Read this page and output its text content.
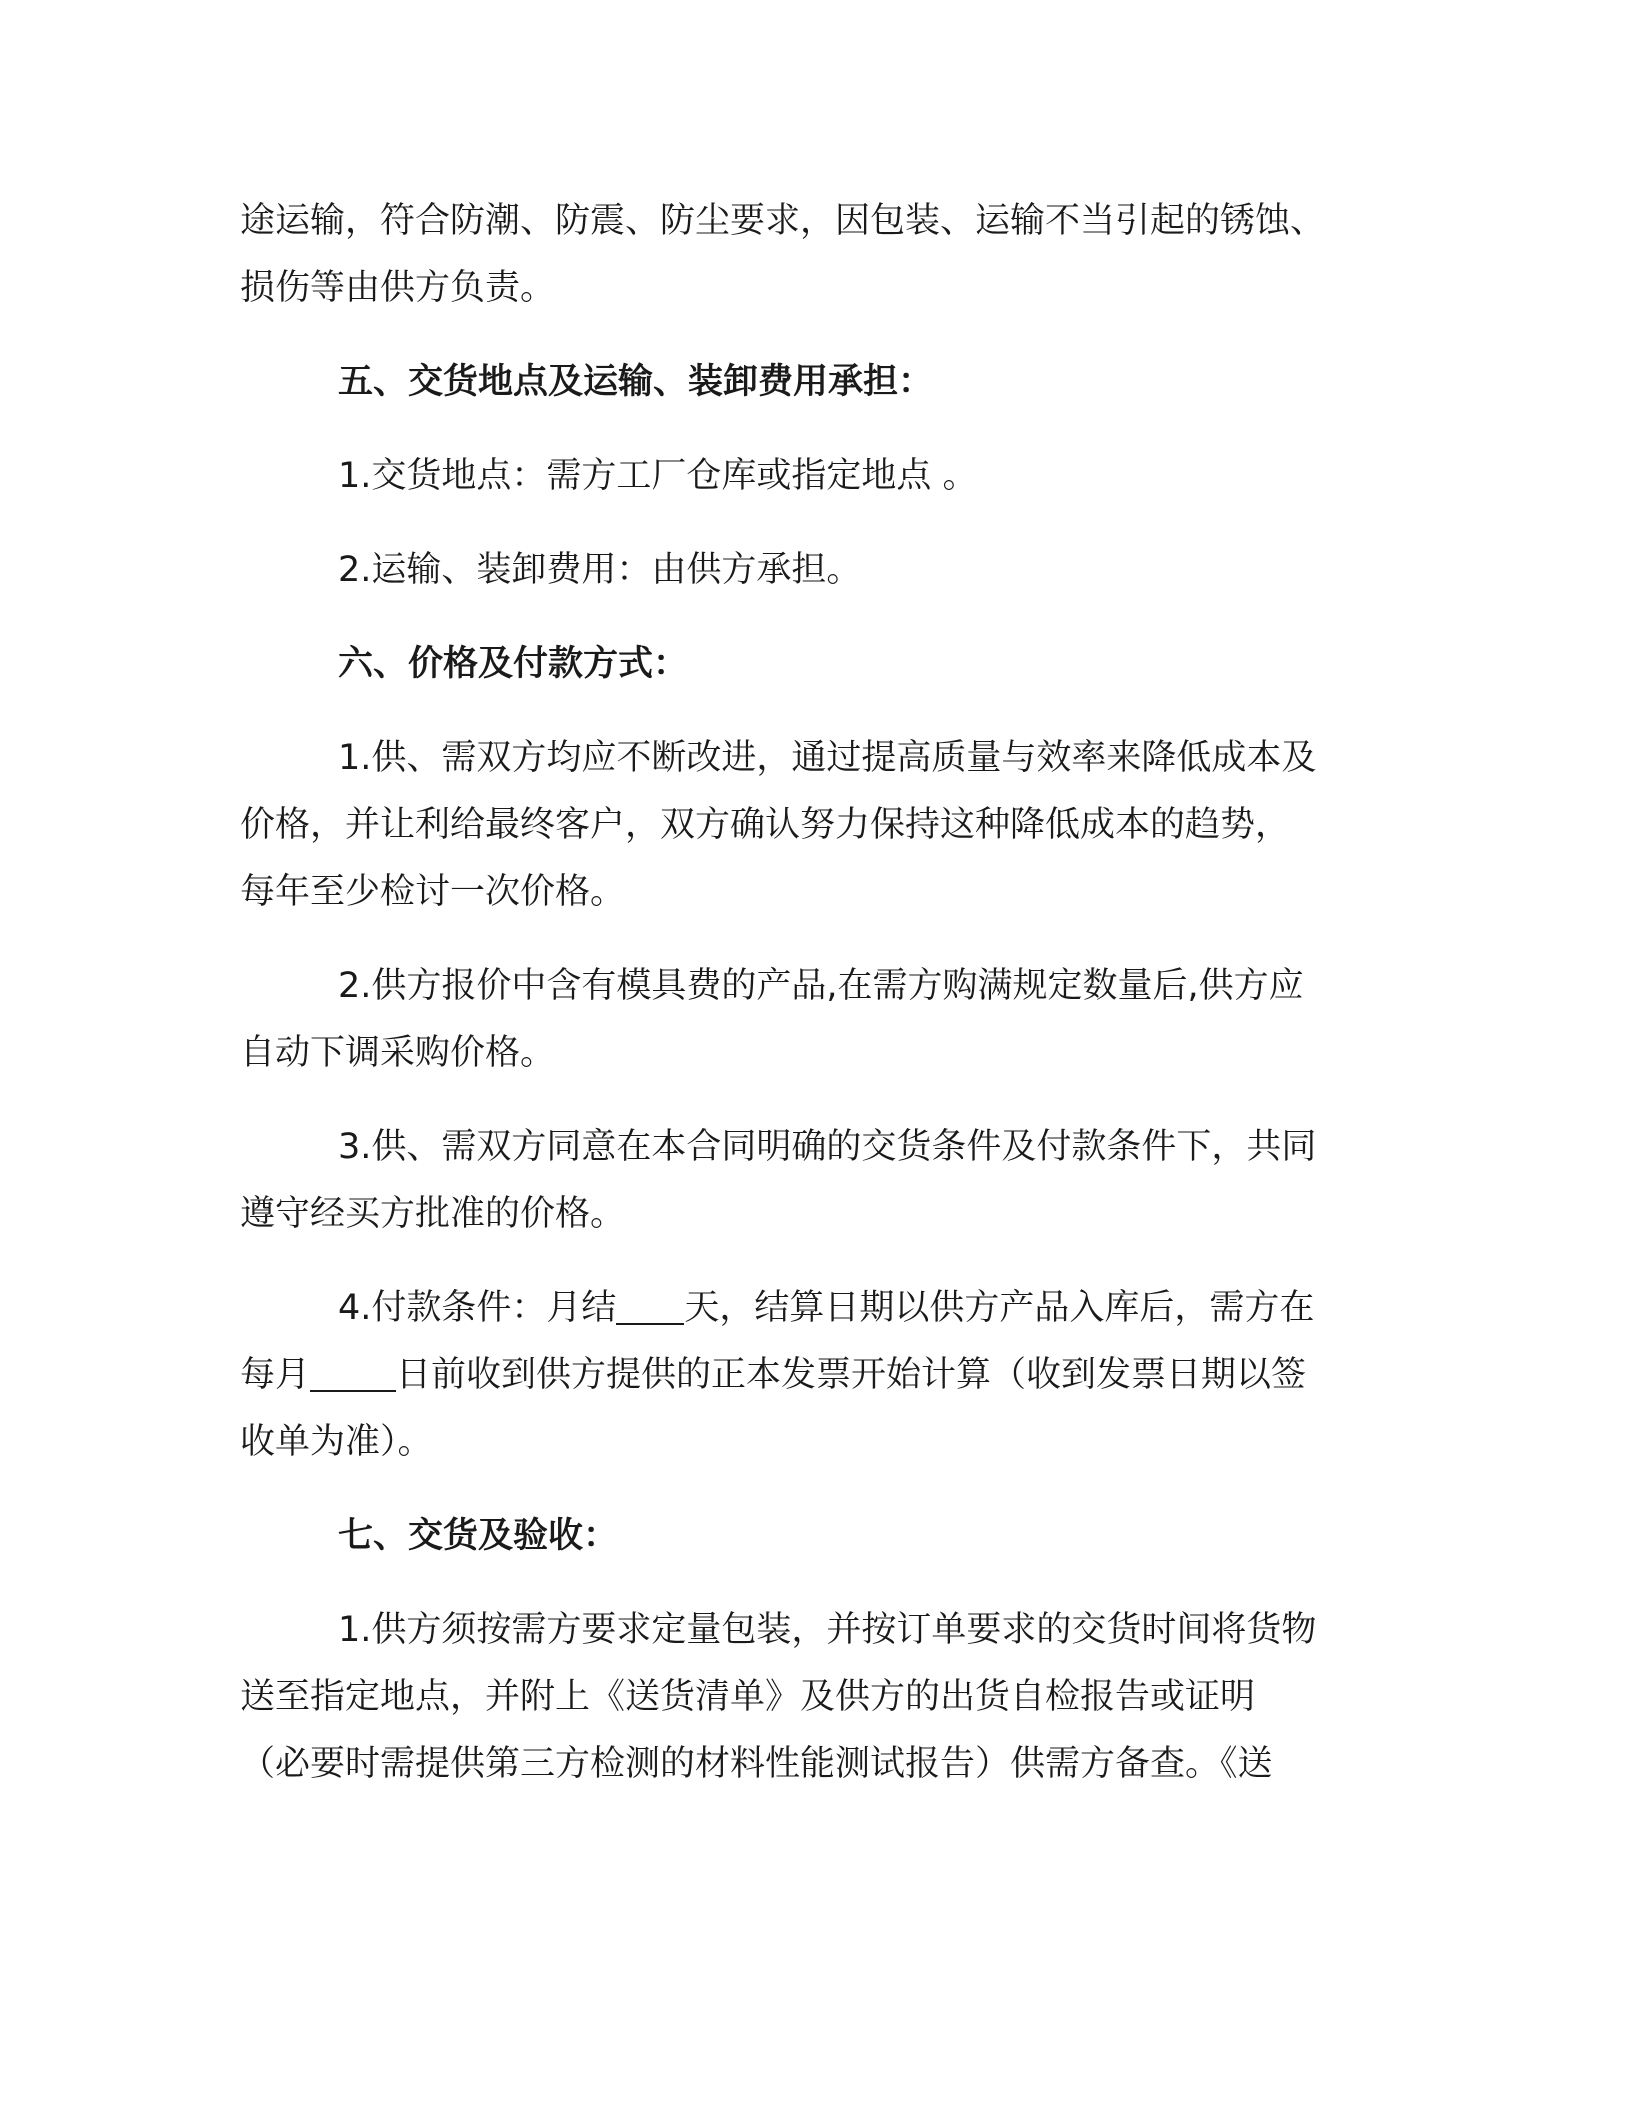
途运输，符合防潮、防震、防尘要求，因包装、运输不当引起的锈蚀、

损伤等由供方负责。

五、交货地点及运输、装卸费用承担：

1.交货地点：需方工厂仓库或指定地点 。

2.运输、装卸费用：由供方承担。

六、价格及付款方式：

1.供、需双方均应不断改进，通过提高质量与效率来降低成本及

价格，并让利给最终客户，双方确认努力保持这种降低成本的趋势，

每年至少检讨一次价格。

2.供方报价中含有模具费的产品,在需方购满规定数量后,供方应

自动下调采购价格。

3.供、需双方同意在本合同明确的交货条件及付款条件下，共同

遵守经买方批准的价格。

4.付款条件：月结 天，结算日期以供方产品入库后，需方在

每月 日前收到供方提供的正本发票开始计算（收到发票日期以签

收单为准）。

七、交货及验收：

1.供方须按需方要求定量包装，并按订单要求的交货时间将货物

送至指定地点，并附上《送货清单》及供方的出货自检报告或证明

（必要时需提供第三方检测的材料性能测试报告）供需方备查。《送
